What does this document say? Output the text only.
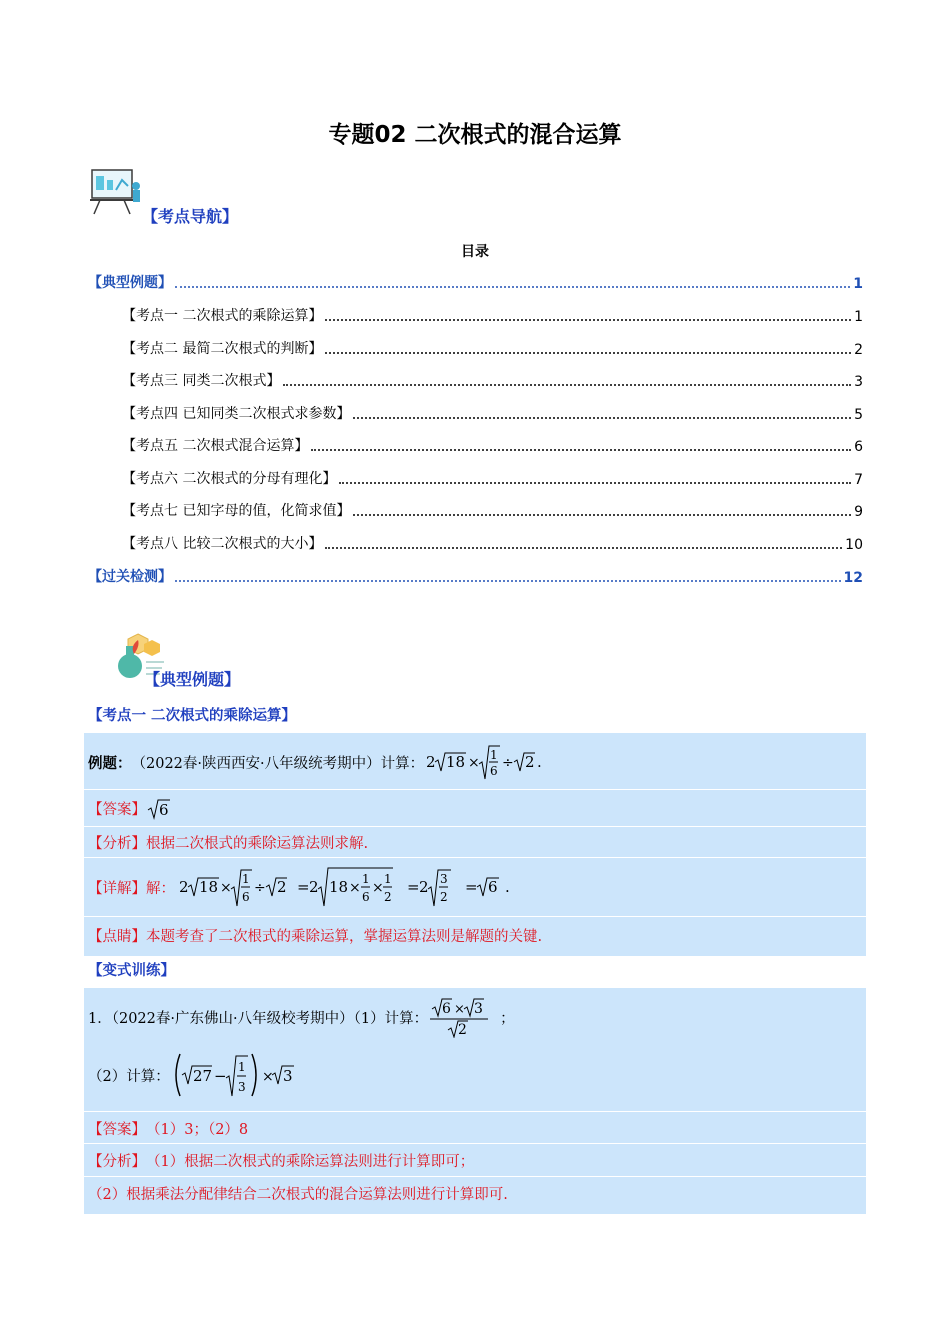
专题02 二次根式的混合运算
【考点导航】
目录
【典型例题】	1
【考点一 二次根式的乘除运算】	1
【考点二 最简二次根式的判断】	2
【考点三 同类二次根式】	3
【考点四 已知同类二次根式求参数】	5
【考点五 二次根式混合运算】	6
【考点六 二次根式的分母有理化】	7
【考点七 已知字母的值，化简求值】	9
【考点八 比较二次根式的大小】	10
【过关检测】	12
【典型例题】
【考点一 二次根式的乘除运算】
例题： （2022春·陕西西安·八年级统考期中）计算： 2 18 × 1
6 ÷ 2 .
【答案】 6
【分析】 根据二次根式的乘除运算法则求解.
【详解】 解： 2 18 ×
1
6
÷ 2 = 2 18 ×
1
6
×
1
2
= 2 3
2
= 6 .
【点睛】 本题考查了二次根式的乘除运算，掌握运算法则是解题的关键.
【变式训练】
1．（2022春·广东佛山·八年级校考期中）（1）计算：
6 × 3
2
；
（2）计算： 27 − 1
3
× 3
【答案】 （1）3；（2）8
【分析】 （1）根据二次根式的乘除运算法则进行计算即可；
（2）根据乘法分配律结合二次根式的混合运算法则进行计算即可.
